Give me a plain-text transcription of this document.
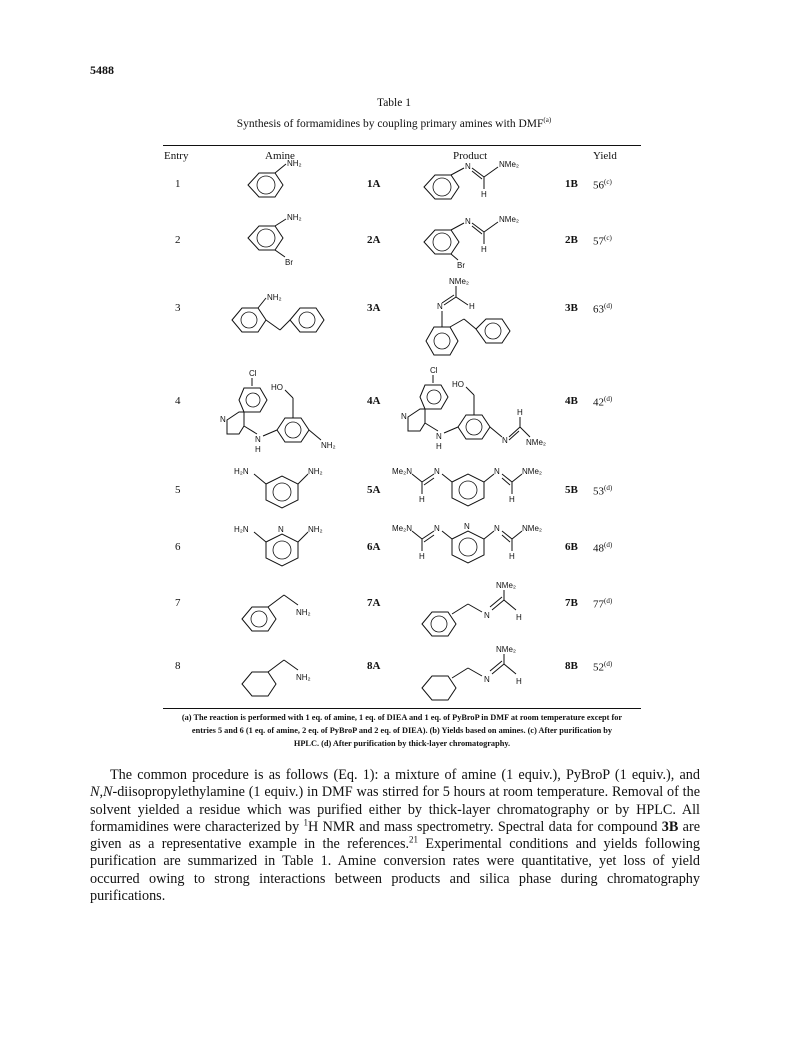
5488
Table 1
Synthesis of formamidines by coupling primary amines with DMF$^{(a)}$
Entry	Amine	Product	Yield
1	1A	1B 56$^{(c)}$
2	2A	2B 57$^{(c)}$
3	3A	3B 63$^{(d)}$
4	4A	4B 42$^{(d)}$
5	5A	5B 53$^{(d)}$
6	6A	6B 48$^{(d)}$
7	7A	7B 77$^{(d)}$
8	8A	8B 52$^{(d)}$
NH₂	N	NMe₂
H
NH₂
Br
N	NMe₂
H
Br
NH₂
NMe₂
N	H
Cl
N
N
H
HO
NH₂
Cl
N
N
H
HO
N
H
NMe₂
H₂N	NH₂	Me₂N
H
N	N
H
NMe₂
H₂N	N	NH₂	Me₂N
H
N	N	N
H
NMe₂
NH₂
NMe₂
H
N
NH₂
NMe₂
H
N
(a) The reaction is performed with 1 eq. of amine, 1 eq. of DIEA and 1 eq. of PyBroP in DMF at room temperature except for
entries 5 and 6 (1 eq. of amine, 2 eq. of PyBroP and 2 eq. of DIEA). (b) Yields based on amines. (c) After purification by
HPLC. (d) After purification by thick-layer chromatography.
The common procedure is as follows (Eq. 1): a mixture of amine (1 equiv.), PyBroP (1 equiv.), and N,N-diisopropylethylamine (1 equiv.) in DMF was stirred for 5 hours at room temperature. Removal of the solvent yielded a residue which was purified either by thick-layer chromatography or by HPLC. All formamidines were characterized by $^1$H NMR and mass spectrometry. Spectral data for compound 3B are given as a representative example in the references.$^{21}$ Experimental conditions and yields following purification are summarized in Table 1. Amine conversion rates were quantitative, yet loss of yield occurred owing to strong interactions between products and silica phase during chromatography purifications.
